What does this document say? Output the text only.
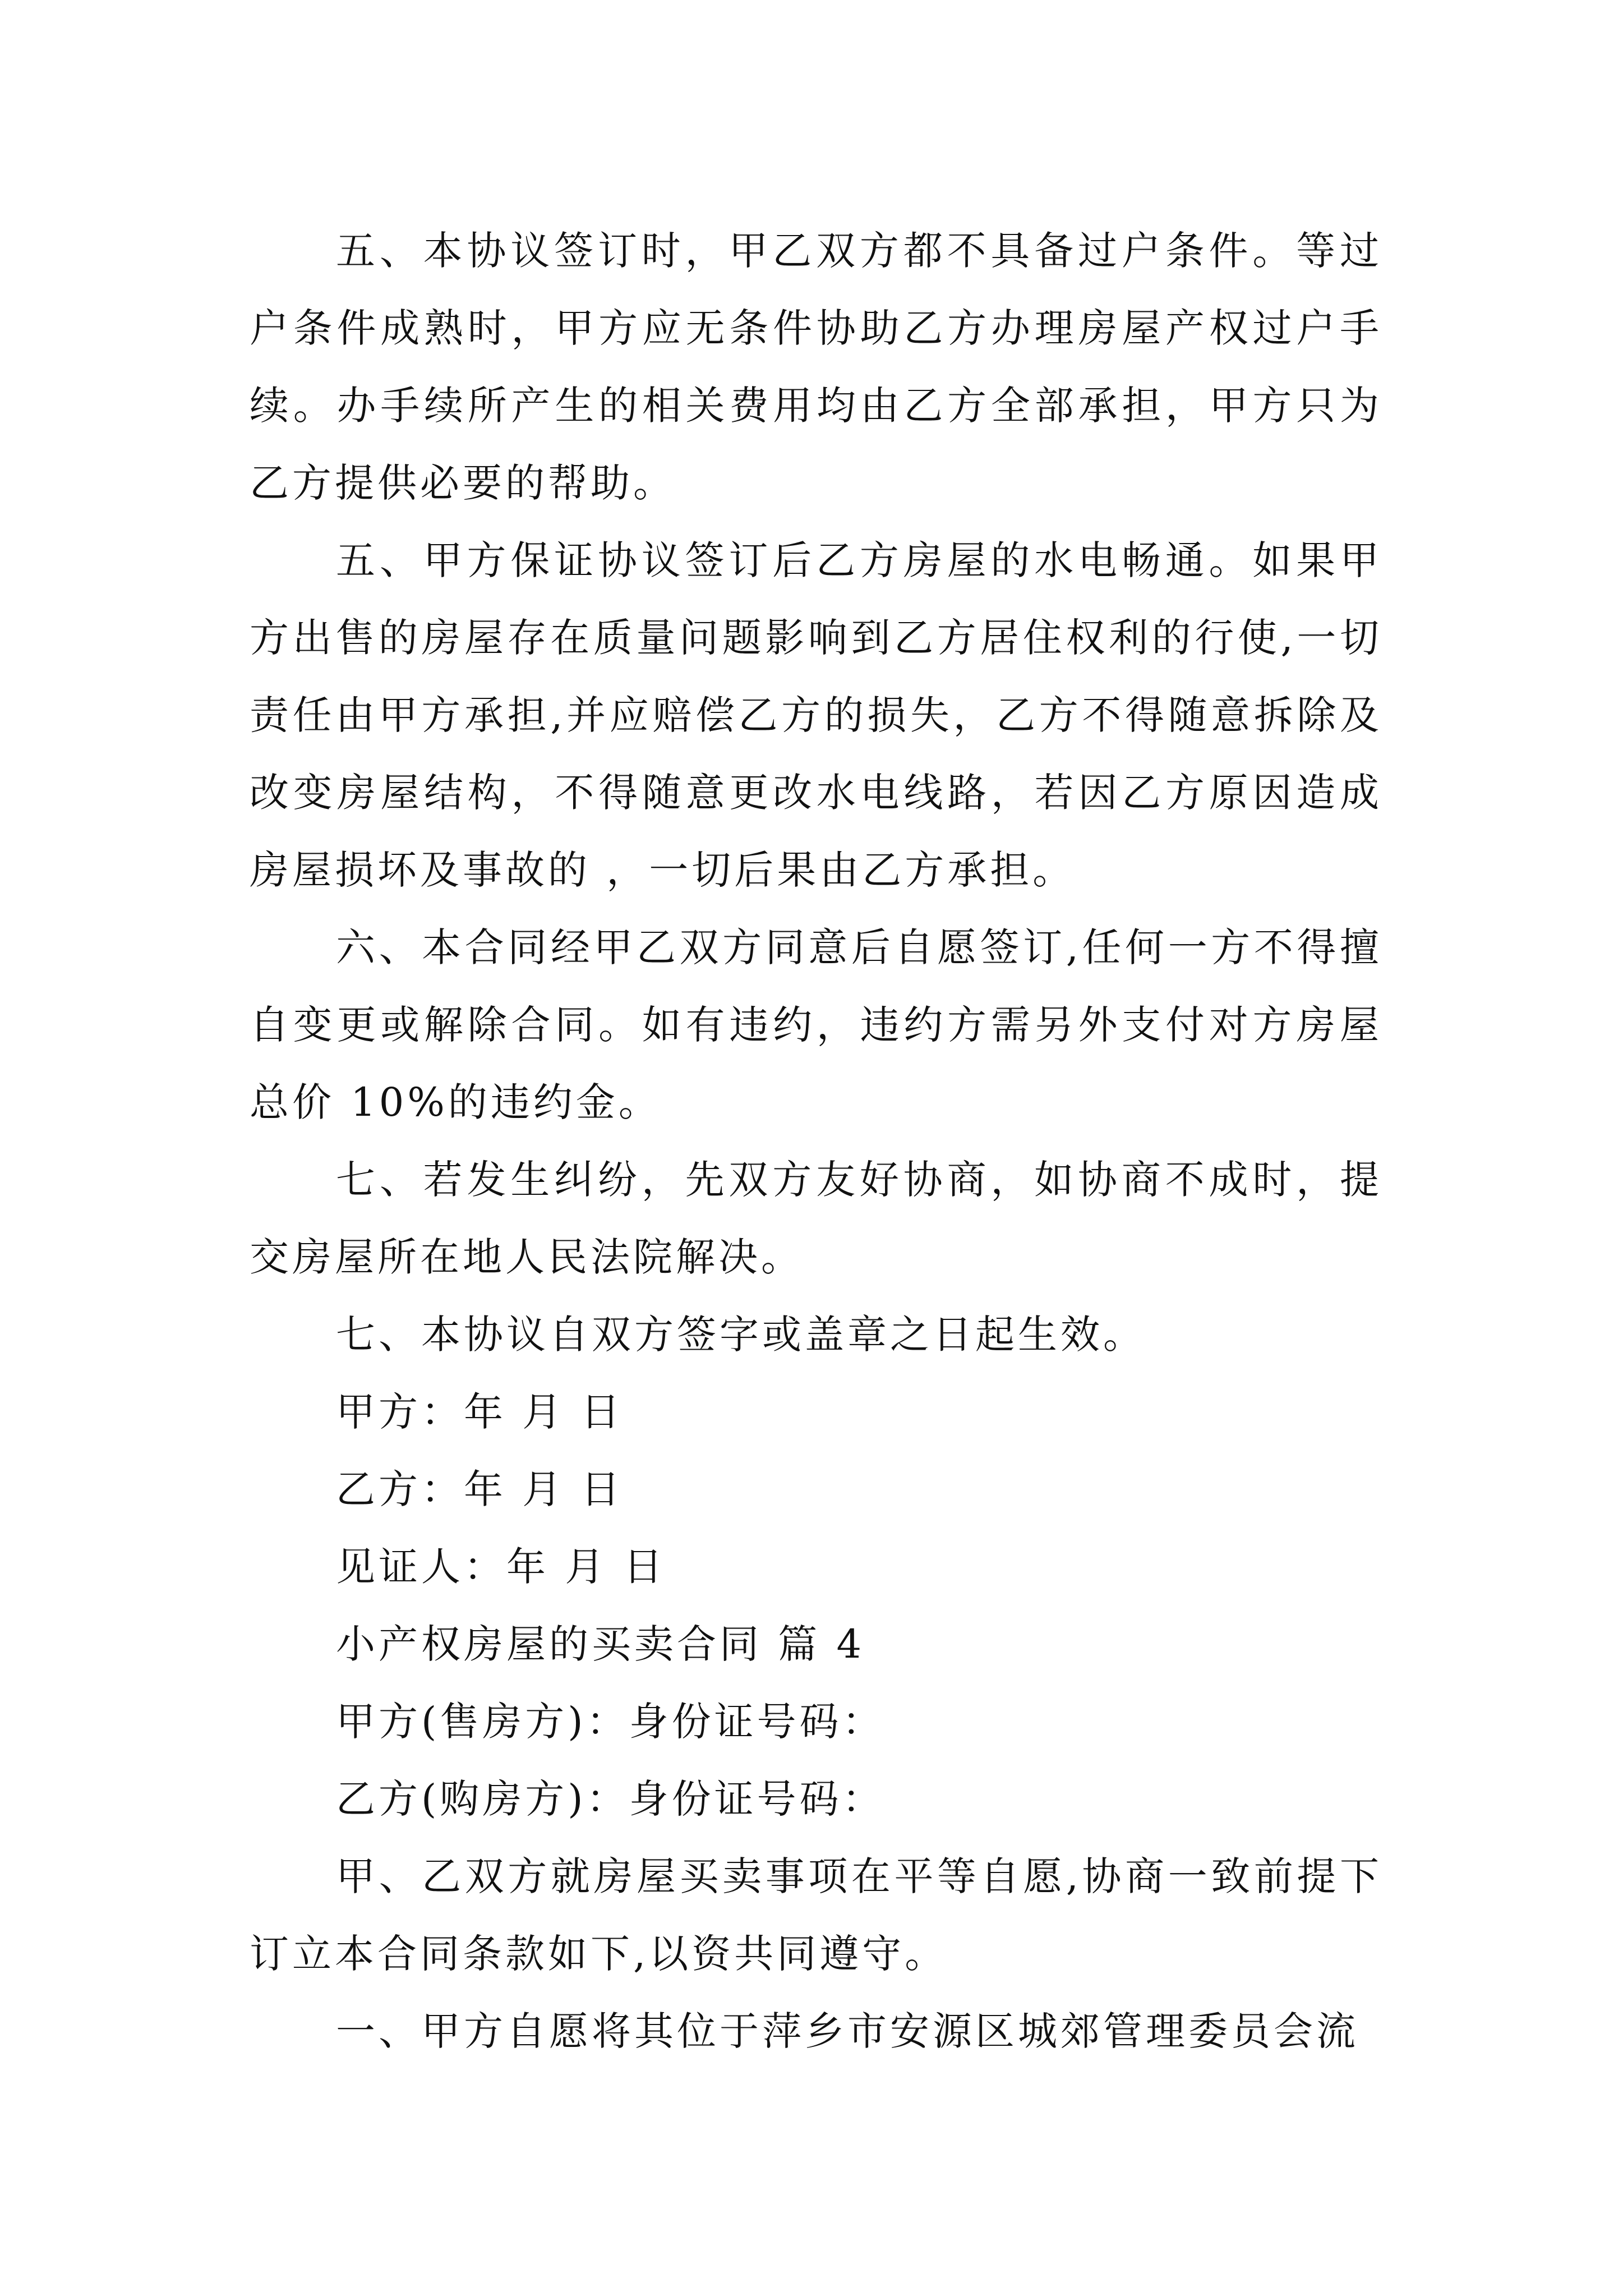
五、本协议签订时，甲乙双方都不具备过户条件。等过户条件成熟时，甲方应无条件协助乙方办理房屋产权过户手续。办手续所产生的相关费用均由乙方全部承担，甲方只为乙方提供必要的帮助。

五、甲方保证协议签订后乙方房屋的水电畅通。如果甲方出售的房屋存在质量问题影响到乙方居住权利的行使,一切责任由甲方承担,并应赔偿乙方的损失，乙方不得随意拆除及改变房屋结构，不得随意更改水电线路，若因乙方原因造成房屋损坏及事故的 ，一切后果由乙方承担。

六、本合同经甲乙双方同意后自愿签订,任何一方不得擅自变更或解除合同。如有违约，违约方需另外支付对方房屋总价 10%的违约金。

七、若发生纠纷，先双方友好协商，如协商不成时，提交房屋所在地人民法院解决。

七、本协议自双方签字或盖章之日起生效。

甲方：年 月 日

乙方：年 月 日

见证人：年 月 日

小产权房屋的买卖合同 篇 4

甲方(售房方)：身份证号码：

乙方(购房方)：身份证号码：

甲、乙双方就房屋买卖事项在平等自愿,协商一致前提下订立本合同条款如下,以资共同遵守。

一、甲方自愿将其位于萍乡市安源区城郊管理委员会流
